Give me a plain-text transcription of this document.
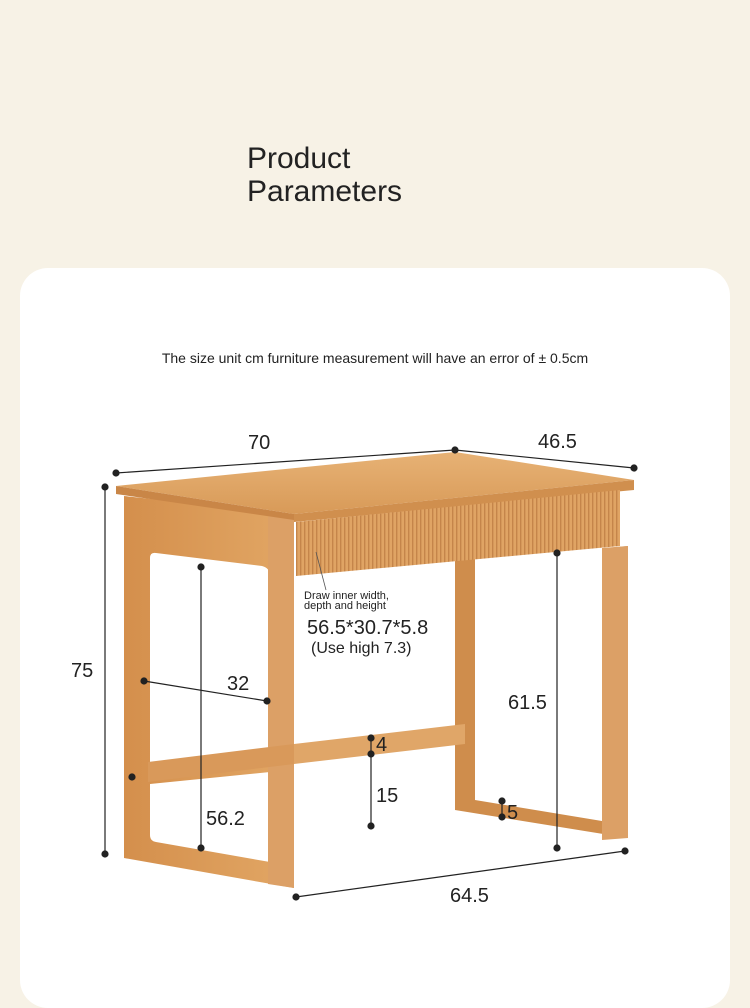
Product
Parameters
The size unit cm furniture measurement will have an error of ± 0.5cm
70	46.5
75
32
56.2
61.5
4
15
5
64.5
Draw inner width,
depth and height
56.5*30.7*5.8
(Use high 7.3)
